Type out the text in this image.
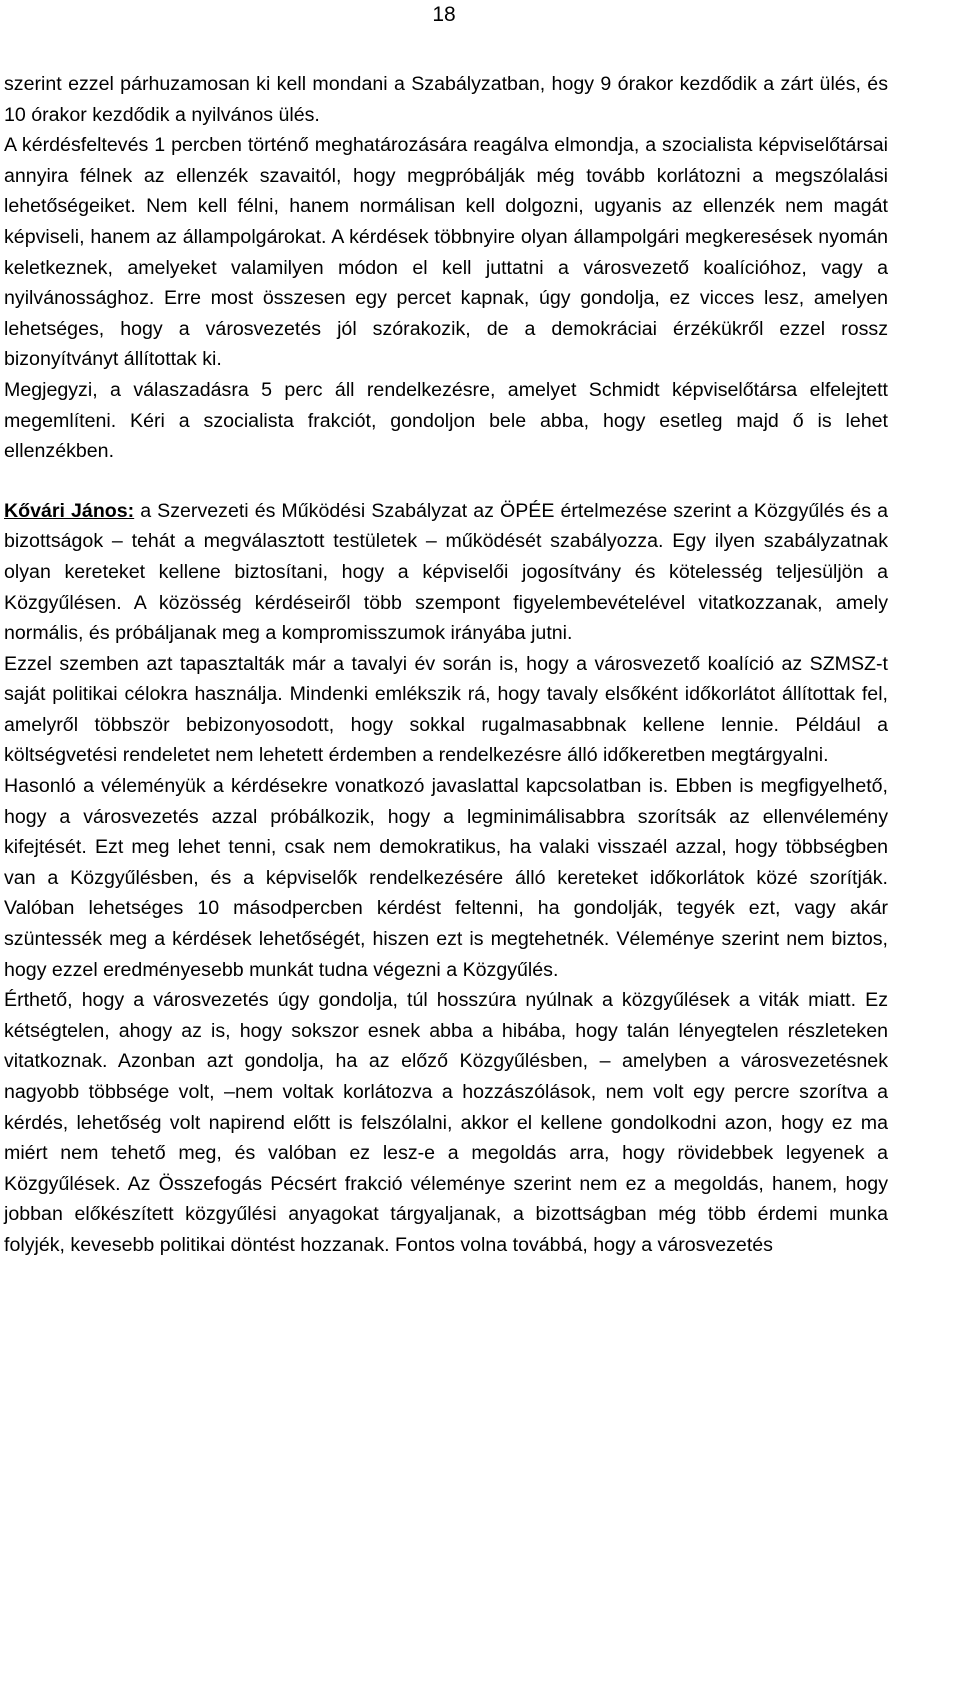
18

szerint ezzel párhuzamosan ki kell mondani a Szabályzatban, hogy 9 órakor kezdődik a zárt ülés, és 10 órakor kezdődik a nyilvános ülés.

A kérdésfeltevés 1 percben történő meghatározására reagálva elmondja, a szocialista képviselőtársai annyira félnek az ellenzék szavaitól, hogy megpróbálják még tovább korlátozni a megszólalási lehetőségeiket. Nem kell félni, hanem normálisan kell dolgozni, ugyanis az ellenzék nem magát képviseli, hanem az állampolgárokat. A kérdések többnyire olyan állampolgári megkeresések nyomán keletkeznek, amelyeket valamilyen módon el kell juttatni a városvezető koalícióhoz, vagy a nyilvánossághoz. Erre most összesen egy percet kapnak, úgy gondolja, ez vicces lesz, amelyen lehetséges, hogy a városvezetés jól szórakozik, de a demokráciai érzékükről ezzel rossz bizonyítványt állítottak ki.

Megjegyzi, a válaszadásra 5 perc áll rendelkezésre, amelyet Schmidt képviselőtársa elfelejtett megemlíteni. Kéri a szocialista frakciót, gondoljon bele abba, hogy esetleg majd ő is lehet ellenzékben.

Kővári János: a Szervezeti és Működési Szabályzat az ÖPÉE értelmezése szerint a Közgyűlés és a bizottságok – tehát a megválasztott testületek – működését szabályozza. Egy ilyen szabályzatnak olyan kereteket kellene biztosítani, hogy a képviselői jogosítvány és kötelesség teljesüljön a Közgyűlésen. A közösség kérdéseiről több szempont figyelembevételével vitatkozzanak, amely normális, és próbáljanak meg a kompromisszumok irányába jutni.

Ezzel szemben azt tapasztalták már a tavalyi év során is, hogy a városvezető koalíció az SZMSZ-t saját politikai célokra használja. Mindenki emlékszik rá, hogy tavaly elsőként időkorlátot állítottak fel, amelyről többször bebizonyosodott, hogy sokkal rugalmasabbnak kellene lennie. Például a költségvetési rendeletet nem lehetett érdemben a rendelkezésre álló időkeretben megtárgyalni.

Hasonló a véleményük a kérdésekre vonatkozó javaslattal kapcsolatban is. Ebben is megfigyelhető, hogy a városvezetés azzal próbálkozik, hogy a legminimálisabbra szorítsák az ellenvélemény kifejtését. Ezt meg lehet tenni, csak nem demokratikus, ha valaki visszaél azzal, hogy többségben van a Közgyűlésben, és a képviselők rendelkezésére álló kereteket időkorlátok közé szorítják. Valóban lehetséges 10 másodpercben kérdést feltenni, ha gondolják, tegyék ezt, vagy akár szüntessék meg a kérdések lehetőségét, hiszen ezt is megtehetnék. Véleménye szerint nem biztos, hogy ezzel eredményesebb munkát tudna végezni a Közgyűlés.

Érthető, hogy a városvezetés úgy gondolja, túl hosszúra nyúlnak a közgyűlések a viták miatt. Ez kétségtelen, ahogy az is, hogy sokszor esnek abba a hibába, hogy talán lényegtelen részleteken vitatkoznak. Azonban azt gondolja, ha az előző Közgyűlésben, – amelyben a városvezetésnek nagyobb többsége volt, –nem voltak korlátozva a hozzászólások, nem volt egy percre szorítva a kérdés, lehetőség volt napirend előtt is felszólalni, akkor el kellene gondolkodni azon, hogy ez ma miért nem tehető meg, és valóban ez lesz-e a megoldás arra, hogy rövidebbek legyenek a Közgyűlések. Az Összefogás Pécsért frakció véleménye szerint nem ez a megoldás, hanem, hogy jobban előkészített közgyűlési anyagokat tárgyaljanak, a bizottságban még több érdemi munka folyjék, kevesebb politikai döntést hozzanak. Fontos volna továbbá, hogy a városvezetés
